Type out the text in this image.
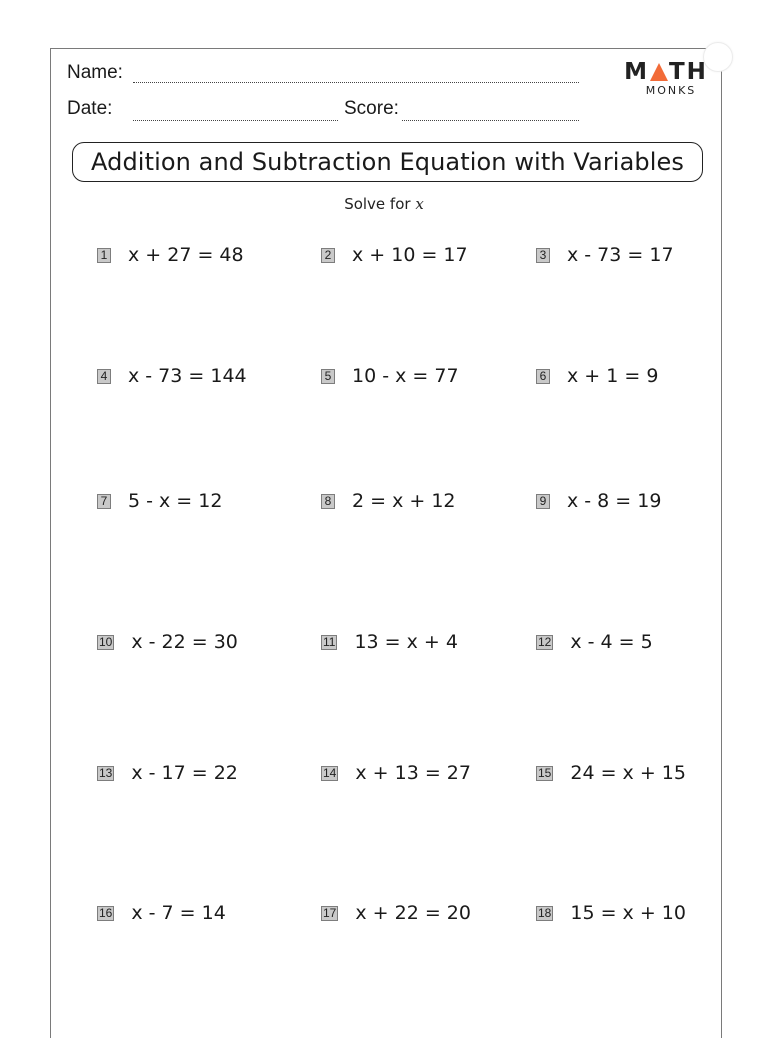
Name:
Date:	Score:
M TH
MONKS
Addition and Subtraction Equation with Variables
Solve for x
1 x + 27 = 48	2 x + 10 = 17	3 x - 73 = 17
4 x - 73 = 144	5 10 - x = 77	6 x + 1 = 9
7 5 - x = 12	8 2 = x + 12	9 x - 8 = 19
10 x - 22 = 30	11 13 = x + 4	12 x - 4 = 5
13 x - 17 = 22	14 x + 13 = 27	15 24 = x + 15
16 x - 7 = 14	17 x + 22 = 20	18 15 = x + 10
